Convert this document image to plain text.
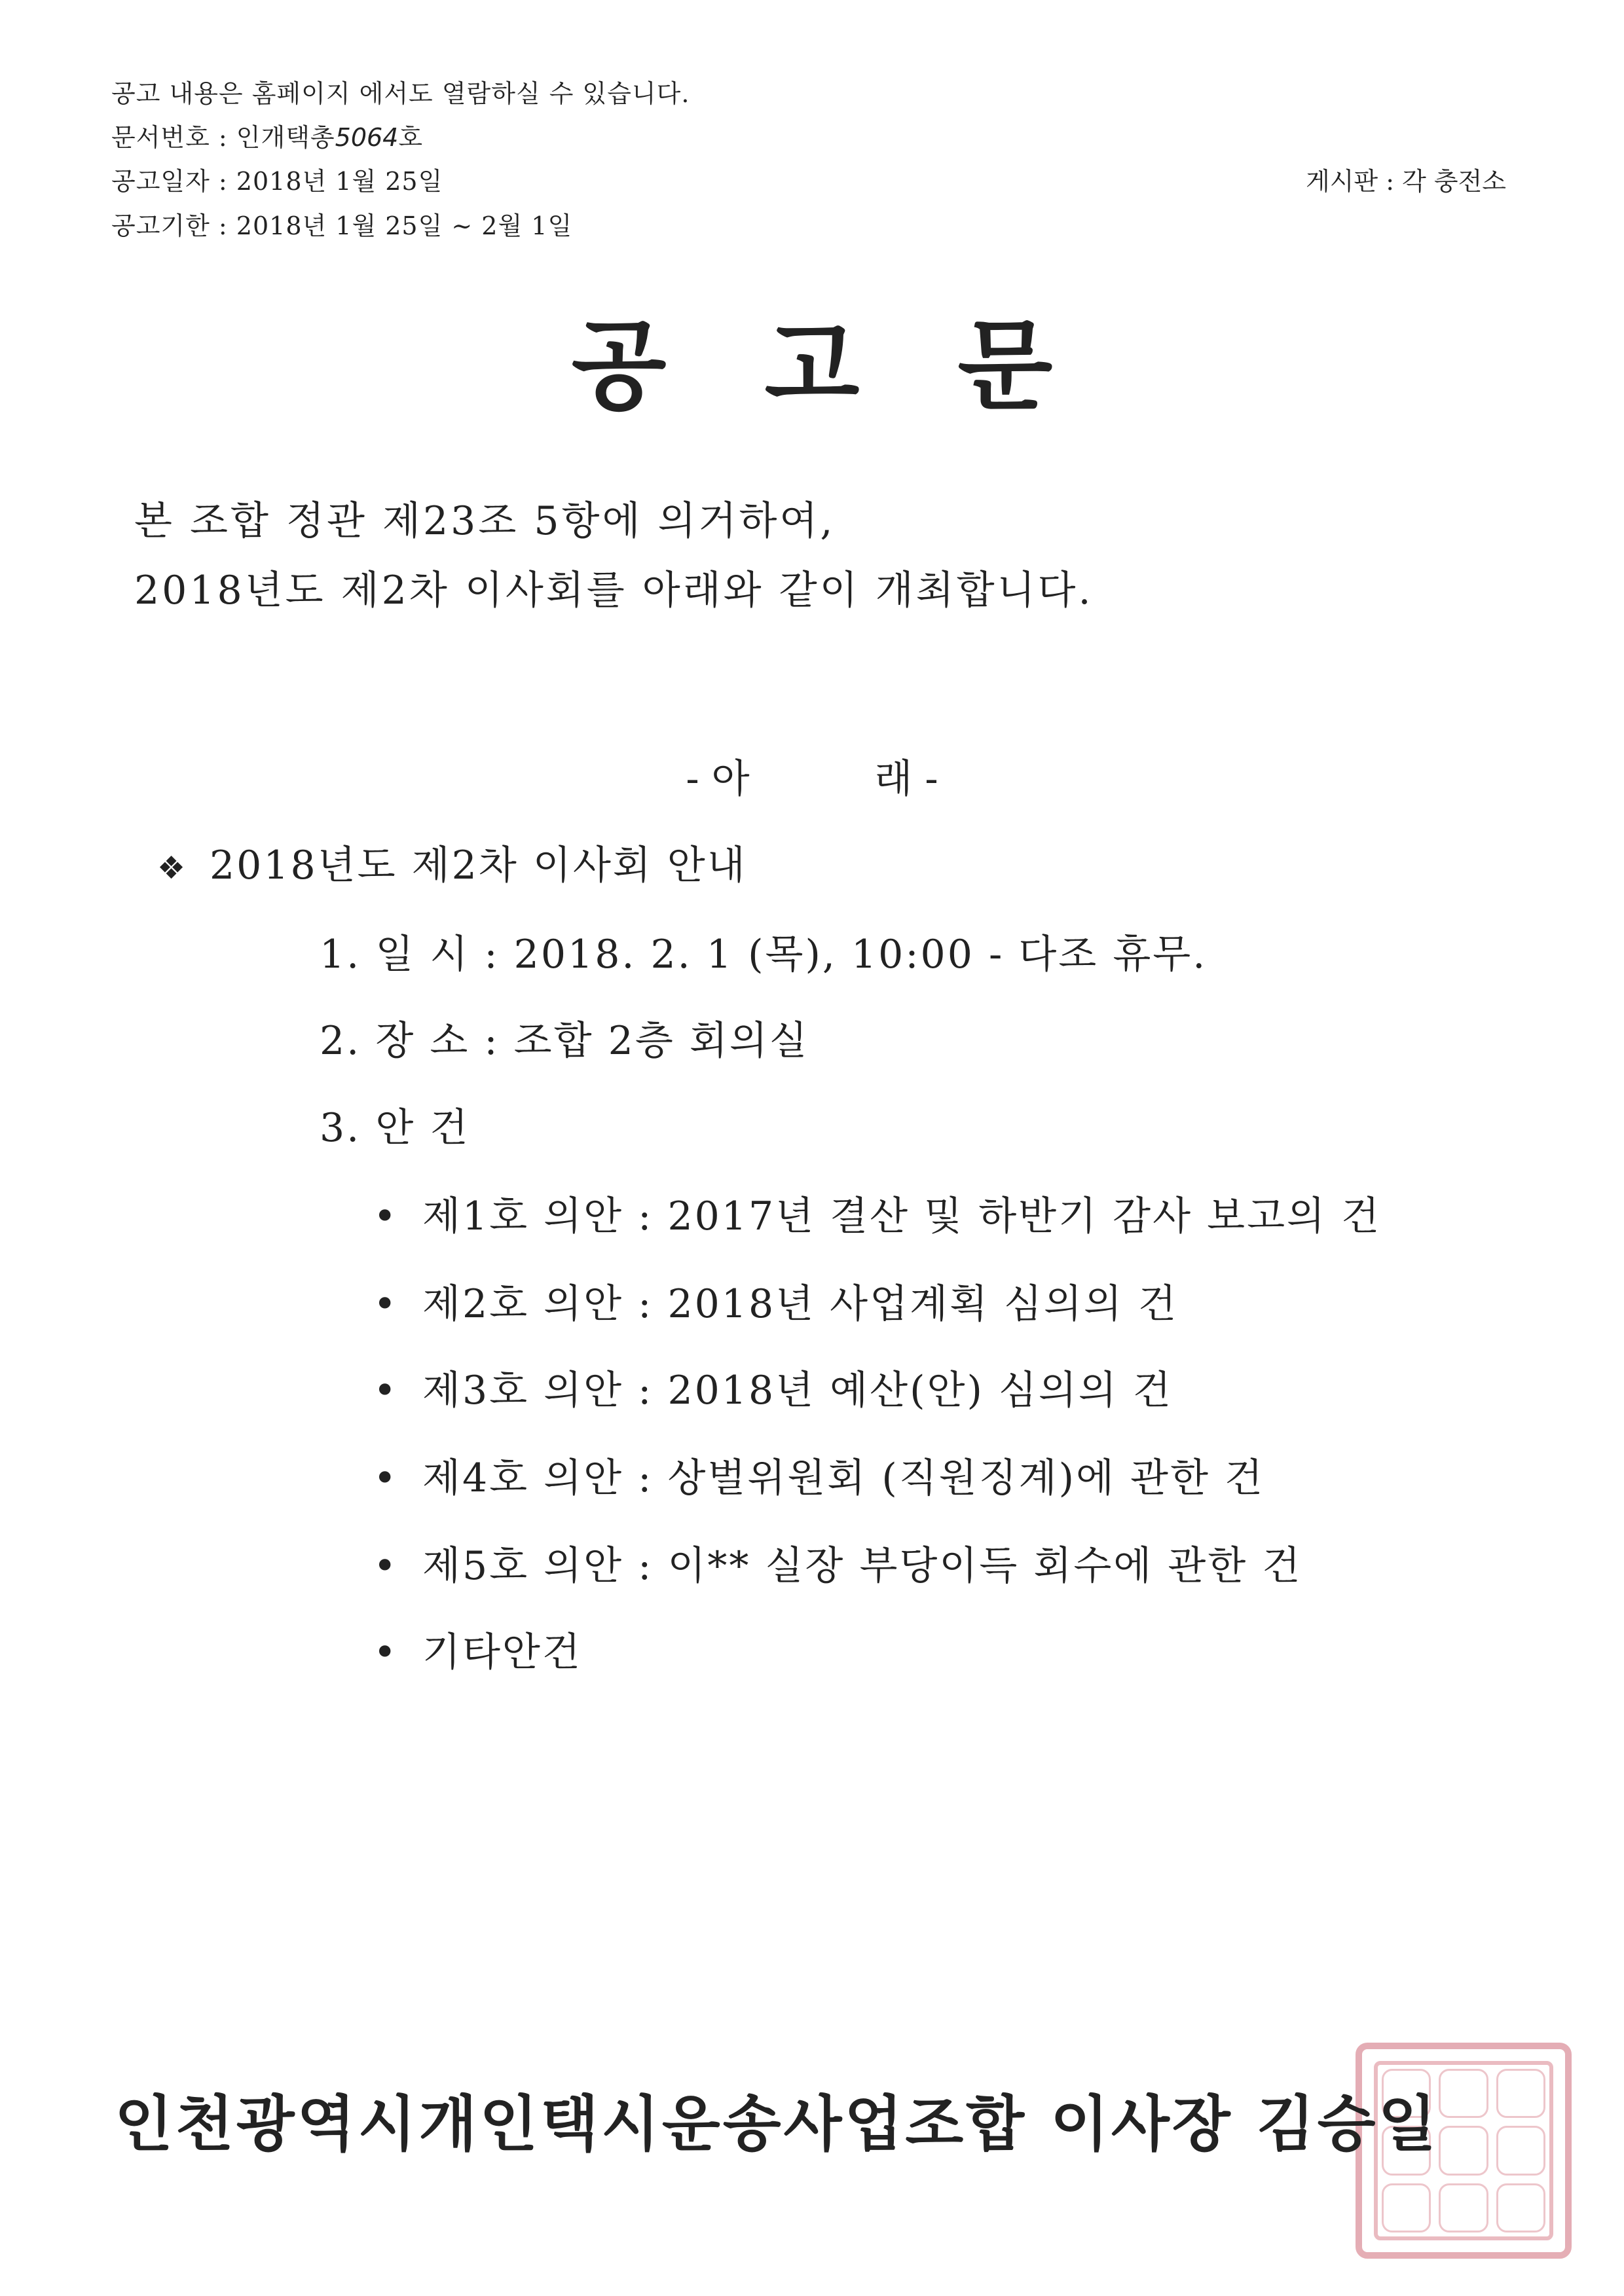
공고 내용은 홈페이지 에서도 열람하실 수 있습니다.
문서번호 : 인개택총5064호
공고일자 : 2018년 1월 25일
공고기한 : 2018년 1월 25일 ~ 2월 1일
게시판 : 각 충전소
공고문
본 조합 정관 제23조 5항에 의거하여,
2018년도 제2차 이사회를 아래와 같이 개최합니다.
- 아          래 -
❖ 2018년도 제2차 이사회 안내
1. 일 시 : 2018. 2. 1 (목), 10:00 - 다조 휴무.
2. 장 소 : 조합 2층 회의실
3. 안 건
• 제1호 의안 : 2017년 결산 및 하반기 감사 보고의 건
• 제2호 의안 : 2018년 사업계획 심의의 건
• 제3호 의안 : 2018년 예산(안) 심의의 건
• 제4호 의안 : 상벌위원회 (직원징계)에 관한 건
• 제5호 의안 : 이** 실장 부당이득 회수에 관한 건
• 기타안건
인천광역시개인택시운송사업조합 이사장 김승일
